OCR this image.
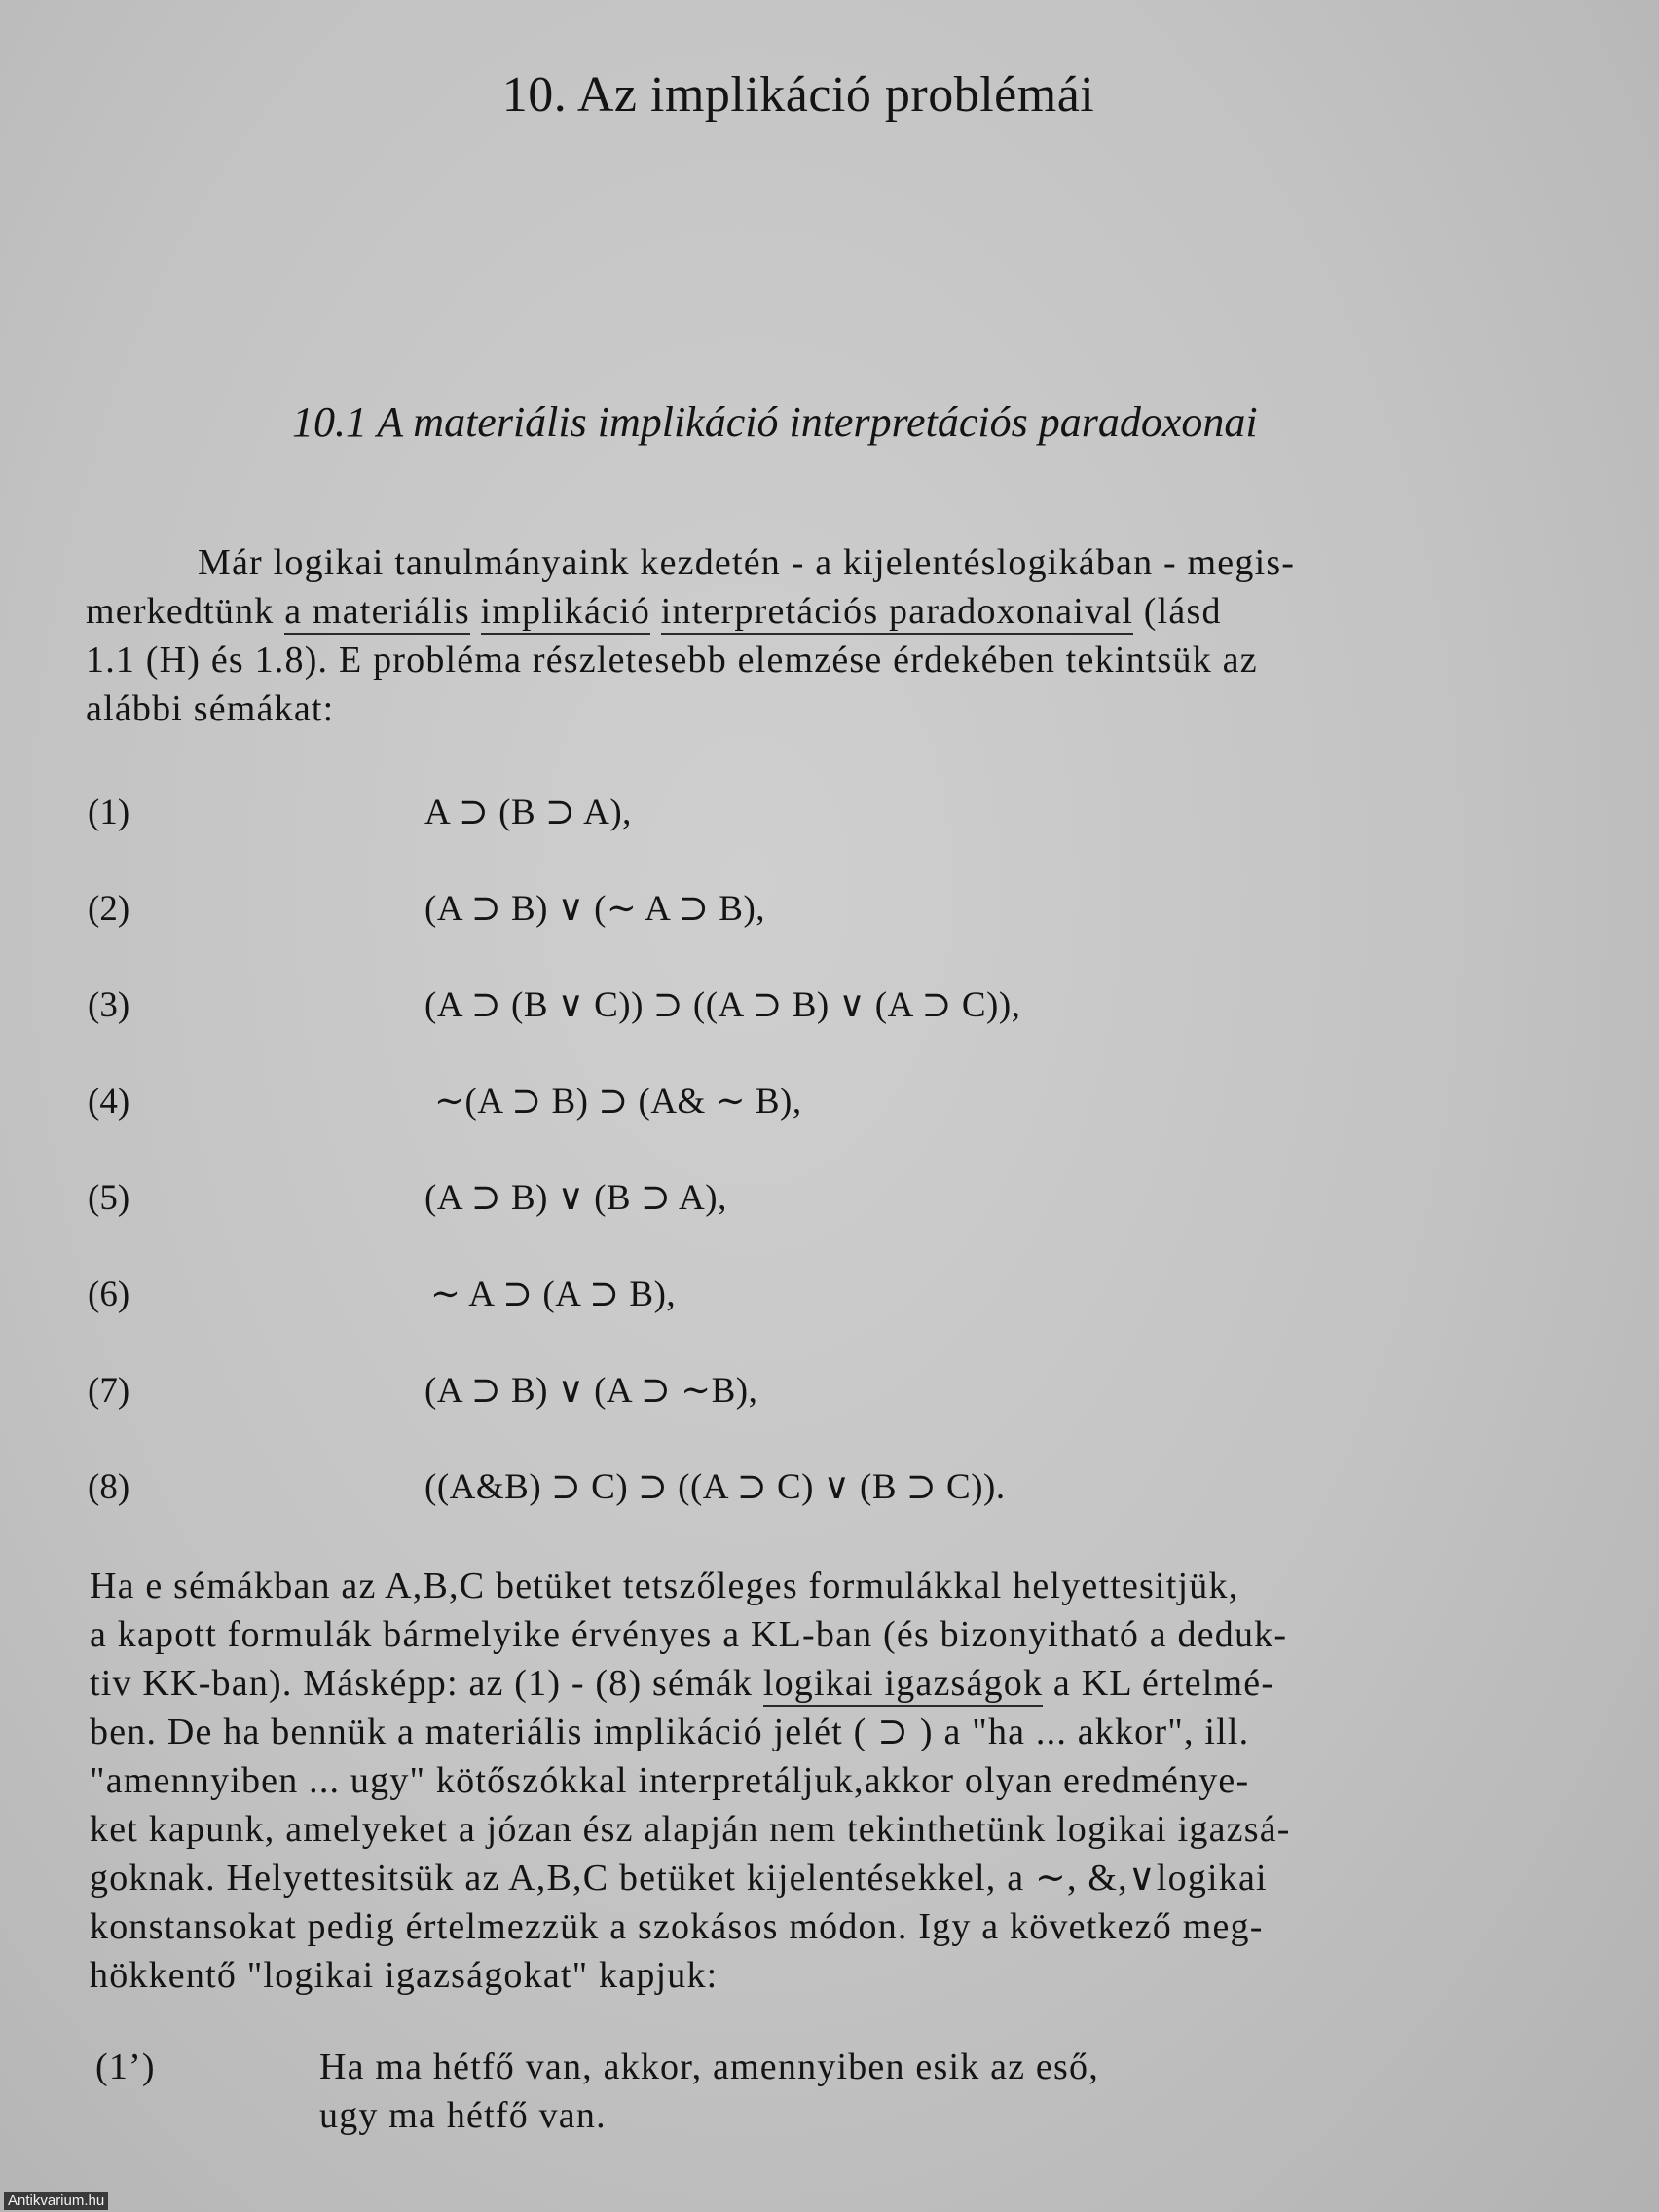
10. Az implikáció problémái
10.1 A materiális implikáció interpretációs paradoxonai
Már logikai tanulmányaink kezdetén - a kijelentéslogikában - megis-
merkedtünk a materiális implikáció interpretációs paradoxonaival (lásd
1.1 (H) és 1.8). E probléma részletesebb elemzése érdekében tekintsük az
alábbi sémákat:
(1)	A ⊃ (B ⊃ A),
(2)	(A ⊃ B) ∨ (∼ A ⊃ B),
(3)	(A ⊃ (B ∨ C)) ⊃ ((A ⊃ B) ∨ (A ⊃ C)),
(4)	∼(A ⊃ B) ⊃ (A& ∼ B),
(5)	(A ⊃ B) ∨ (B ⊃ A),
(6)	∼ A ⊃ (A ⊃ B),
(7)	(A ⊃ B) ∨ (A ⊃ ∼B),
(8)	((A&B) ⊃ C) ⊃ ((A ⊃ C) ∨ (B ⊃ C)).
Ha e sémákban az A,B,C betüket tetszőleges formulákkal helyettesitjük,
a kapott formulák bármelyike érvényes a KL-ban (és bizonyitható a deduk-
tiv KK-ban). Másképp: az (1) - (8) sémák logikai igazságok a KL értelmé-
ben. De ha bennük a materiális implikáció jelét ( ⊃ ) a "ha ... akkor", ill.
"amennyiben ... ugy" kötőszókkal interpretáljuk,akkor olyan eredménye-
ket kapunk, amelyeket a józan ész alapján nem tekinthetünk logikai igazsá-
goknak. Helyettesitsük az A,B,C betüket kijelentésekkel, a ∼, &,∨logikai
konstansokat pedig értelmezzük a szokásos módon. Igy a következő meg-
hökkentő "logikai igazságokat" kapjuk:
(1’)	Ha ma hétfő van, akkor, amennyiben esik az eső,
ugy ma hétfő van.
Antikvarium.hu
